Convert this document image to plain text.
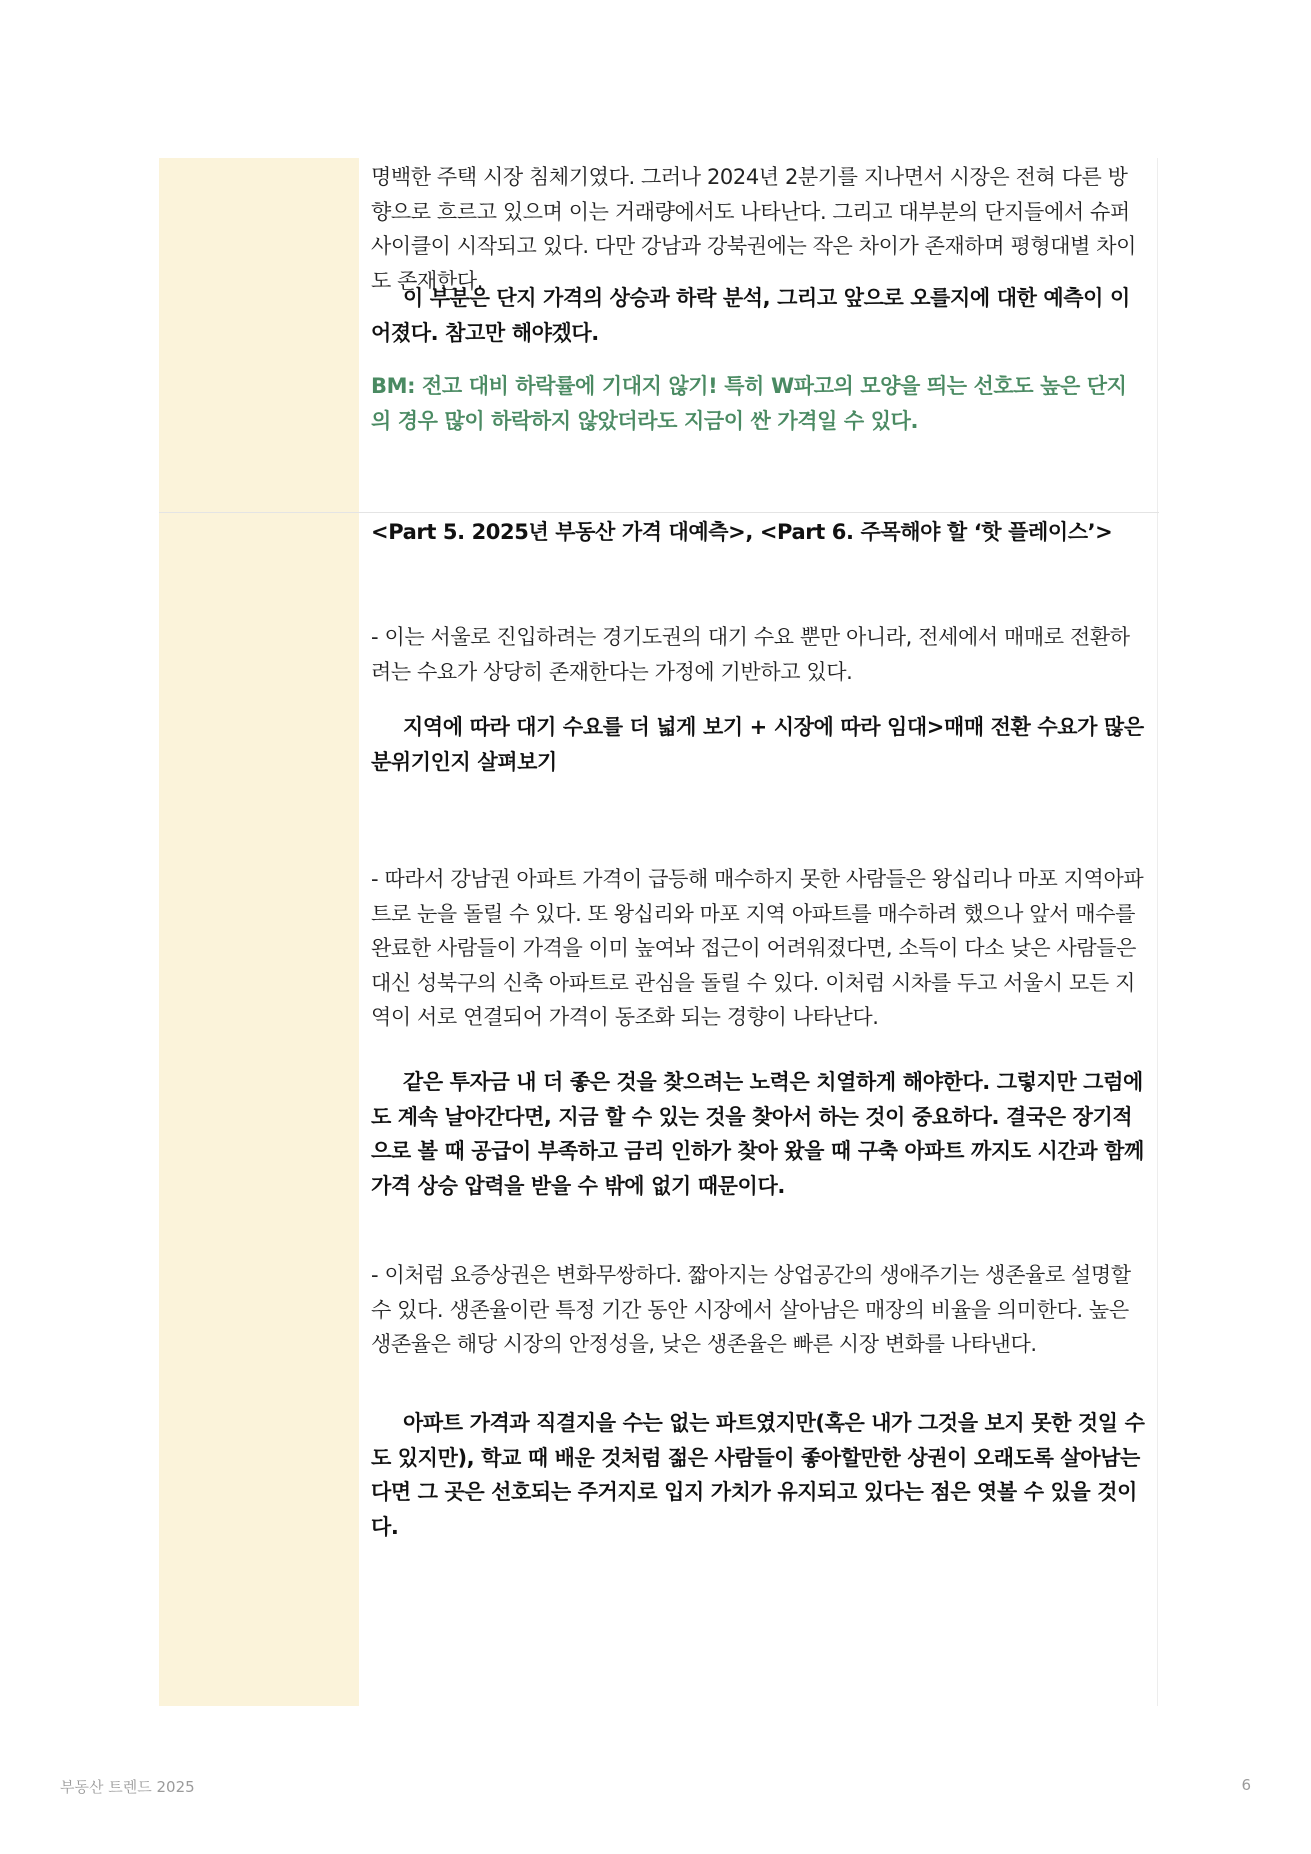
명백한 주택 시장 침체기였다. 그러나 2024년 2분기를 지나면서 시장은 전혀 다른 방향으로 흐르고 있으며 이는 거래량에서도 나타난다. 그리고 대부분의 단지들에서 슈퍼사이클이 시작되고 있다. 다만 강남과 강북권에는 작은 차이가 존재하며 평형대별 차이도 존재한다.

이 부분은 단지 가격의 상승과 하락 분석, 그리고 앞으로 오를지에 대한 예측이 이어졌다. 참고만 해야겠다.

BM: 전고 대비 하락률에 기대지 않기! 특히 W파고의 모양을 띄는 선호도 높은 단지의 경우 많이 하락하지 않았더라도 지금이 싼 가격일 수 있다.

<Part 5. 2025년 부동산 가격 대예측>, <Part 6. 주목해야 할 ‘핫 플레이스’>

- 이는 서울로 진입하려는 경기도권의 대기 수요 뿐만 아니라, 전세에서 매매로 전환하려는 수요가 상당히 존재한다는 가정에 기반하고 있다.

지역에 따라 대기 수요를 더 넓게 보기 + 시장에 따라 임대>매매 전환 수요가 많은 분위기인지 살펴보기

- 따라서 강남권 아파트 가격이 급등해 매수하지 못한 사람들은 왕십리나 마포 지역아파트로 눈을 돌릴 수 있다. 또 왕십리와 마포 지역 아파트를 매수하려 했으나 앞서 매수를 완료한 사람들이 가격을 이미 높여놔 접근이 어려워졌다면, 소득이 다소 낮은 사람들은 대신 성북구의 신축 아파트로 관심을 돌릴 수 있다. 이처럼 시차를 두고 서울시 모든 지역이 서로 연결되어 가격이 동조화 되는 경향이 나타난다.

같은 투자금 내 더 좋은 것을 찾으려는 노력은 치열하게 해야한다. 그렇지만 그럼에도 계속 날아간다면, 지금 할 수 있는 것을 찾아서 하는 것이 중요하다. 결국은 장기적으로 볼 때 공급이 부족하고 금리 인하가 찾아 왔을 때 구축 아파트 까지도 시간과 함께 가격 상승 압력을 받을 수 밖에 없기 때문이다.

- 이처럼 요증상권은 변화무쌍하다. 짧아지는 상업공간의 생애주기는 생존율로 설명할 수 있다. 생존율이란 특정 기간 동안 시장에서 살아남은 매장의 비율을 의미한다. 높은 생존율은 해당 시장의 안정성을, 낮은 생존율은 빠른 시장 변화를 나타낸다.

아파트 가격과 직결지을 수는 없는 파트였지만(혹은 내가 그것을 보지 못한 것일 수도 있지만), 학교 때 배운 것처럼 젊은 사람들이 좋아할만한 상권이 오래도록 살아남는다면 그 곳은 선호되는 주거지로 입지 가치가 유지되고 있다는 점은 엿볼 수 있을 것이다.

부동산 트렌드 2025	6
